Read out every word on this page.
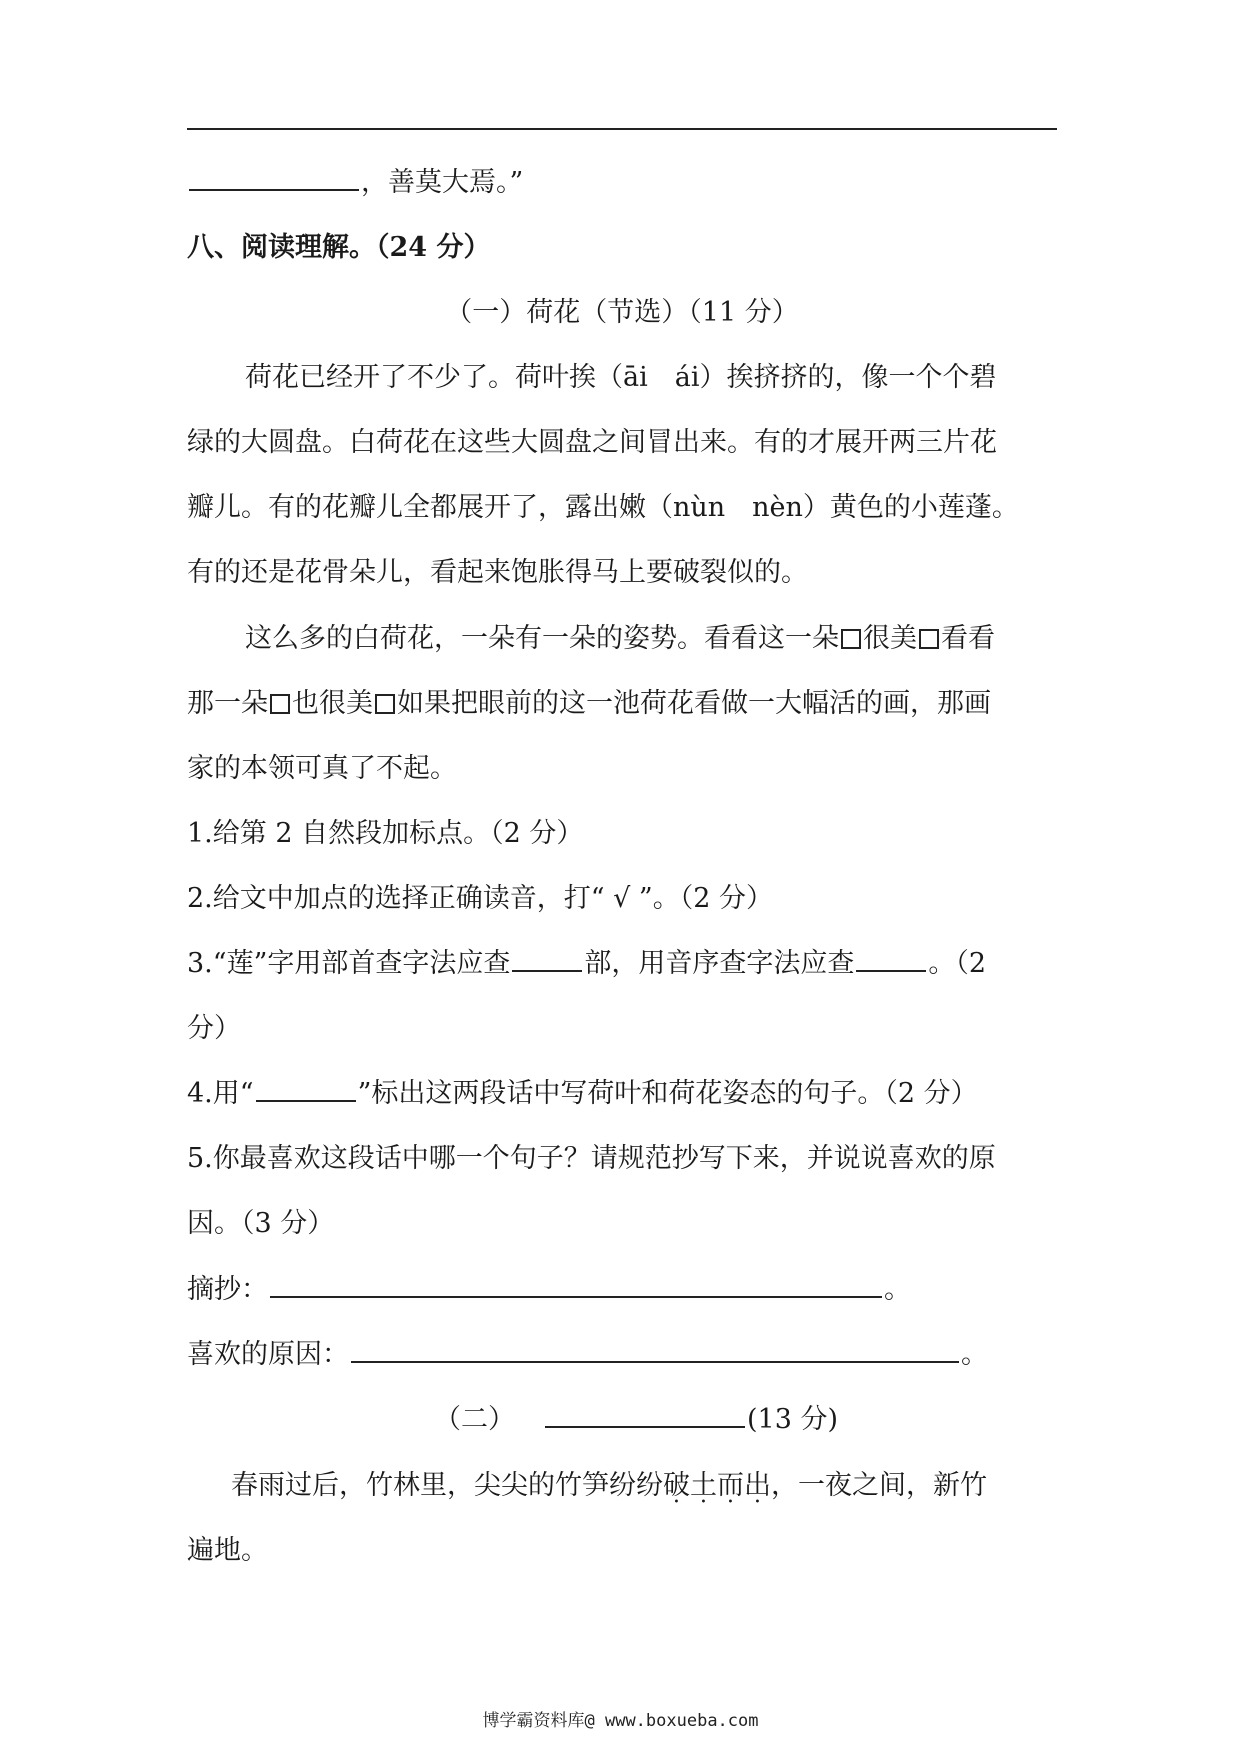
，善莫大焉。”
八、阅读理解。（24 分）
（一）荷花（节选）（11 分）
荷花已经开了不少了。荷叶挨（āi　ái）挨挤挤的，像一个个碧
绿的大圆盘。白荷花在这些大圆盘之间冒出来。有的才展开两三片花
瓣儿。有的花瓣儿全都展开了，露出嫩（nùn　nèn）黄色的小莲蓬。
有的还是花骨朵儿，看起来饱胀得马上要破裂似的。
这么多的白荷花，一朵有一朵的姿势。看看这一朵 很美 看看
那一朵 也很美 如果把眼前的这一池荷花看做一大幅活的画，那画
家的本领可真了不起。
1.给第 2 自然段加标点。（2 分）
2.给文中加点的选择正确读音，打“ √ ”。（2 分）
3.“莲”字用部首查字法应查	部，用音序查字法应查	。（2
分）
4.用“	”标出这两段话中写荷叶和荷花姿态的句子。（2 分）
5.你最喜欢这段话中哪一个句子？请规范抄写下来，并说说喜欢的原
因。（3 分）
摘抄：	。
喜欢的原因：	。
（二）	(13 分)
春雨过后，竹林里，尖尖的竹笋纷纷破土而出，一夜之间，新竹
遍地。
博学霸资料库@ www.boxueba.com
